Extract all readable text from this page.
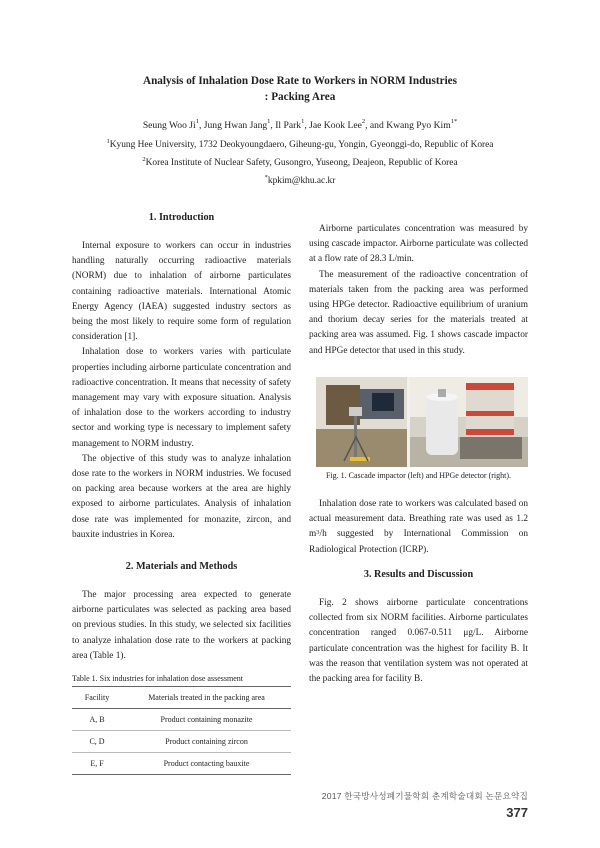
Analysis of Inhalation Dose Rate to Workers in NORM Industries
: Packing Area
Seung Woo Ji$^1$, Jung Hwan Jang$^1$, Il Park$^1$, Jae Kook Lee$^2$, and Kwang Pyo Kim$^{1*}$
$^1$Kyung Hee University, 1732 Deokyoungdaero, Giheung-gu, Yongin, Gyeonggi-do, Republic of Korea
$^2$Korea Institute of Nuclear Safety, Gusongro, Yuseong, Deajeon, Republic of Korea
*kpkim@khu.ac.kr
1. Introduction

Internal exposure to workers can occur in industries handling naturally occurring radioactive materials (NORM) due to inhalation of airborne particulates containing radioactive materials. International Atomic Energy Agency (IAEA) suggested industry sectors as being the most likely to require some form of regulation consideration [1].

Inhalation dose to workers varies with particulate properties including airborne particulate concentration and radioactive concentration. It means that necessity of safety management may vary with exposure situation. Analysis of inhalation dose to the workers according to industry sector and working type is necessary to implement safety management to NORM industry.

The objective of this study was to analyze inhalation dose rate to the workers in NORM industries. We focused on packing area because workers at the area are highly exposed to airborne particulates. Analysis of inhalation dose rate was implemented for monazite, zircon, and bauxite industries in Korea.

2. Materials and Methods

The major processing area expected to generate airborne particulates was selected as packing area based on previous studies. In this study, we selected six facilities to analyze inhalation dose rate to the workers at packing area (Table 1).

Table 1. Six industries for inhalation dose assessment
Facility	Materials treated in the packing area
A, B	Product containing monazite
C, D	Product containing zircon
E, F	Product contacting bauxite

Airborne particulates concentration was measured by using cascade impactor. Airborne particulate was collected at a flow rate of 28.3 L/min.

The measurement of the radioactive concentration of materials taken from the packing area was performed using HPGe detector. Radioactive equilibrium of uranium and thorium decay series for the materials treated at packing area was assumed. Fig. 1 shows cascade impactor and HPGe detector that used in this study.

Fig. 1. Cascade impactor (left) and HPGe detector (right).

Inhalation dose rate to workers was calculated based on actual measurement data. Breathing rate was used as 1.2 $m^3/h$ suggested by International Commission on Radiological Protection (ICRP).

3. Results and Discussion

Fig. 2 shows airborne particulate concentrations collected from six NORM facilities. Airborne particulates concentration ranged 0.067-0.511 μg/L. Airborne particulate concentration was the highest for facility B. It was the reason that ventilation system was not operated at the packing area for facility B.

2017 한국방사성폐기물학회 춘계학술대회 논문요약집377
